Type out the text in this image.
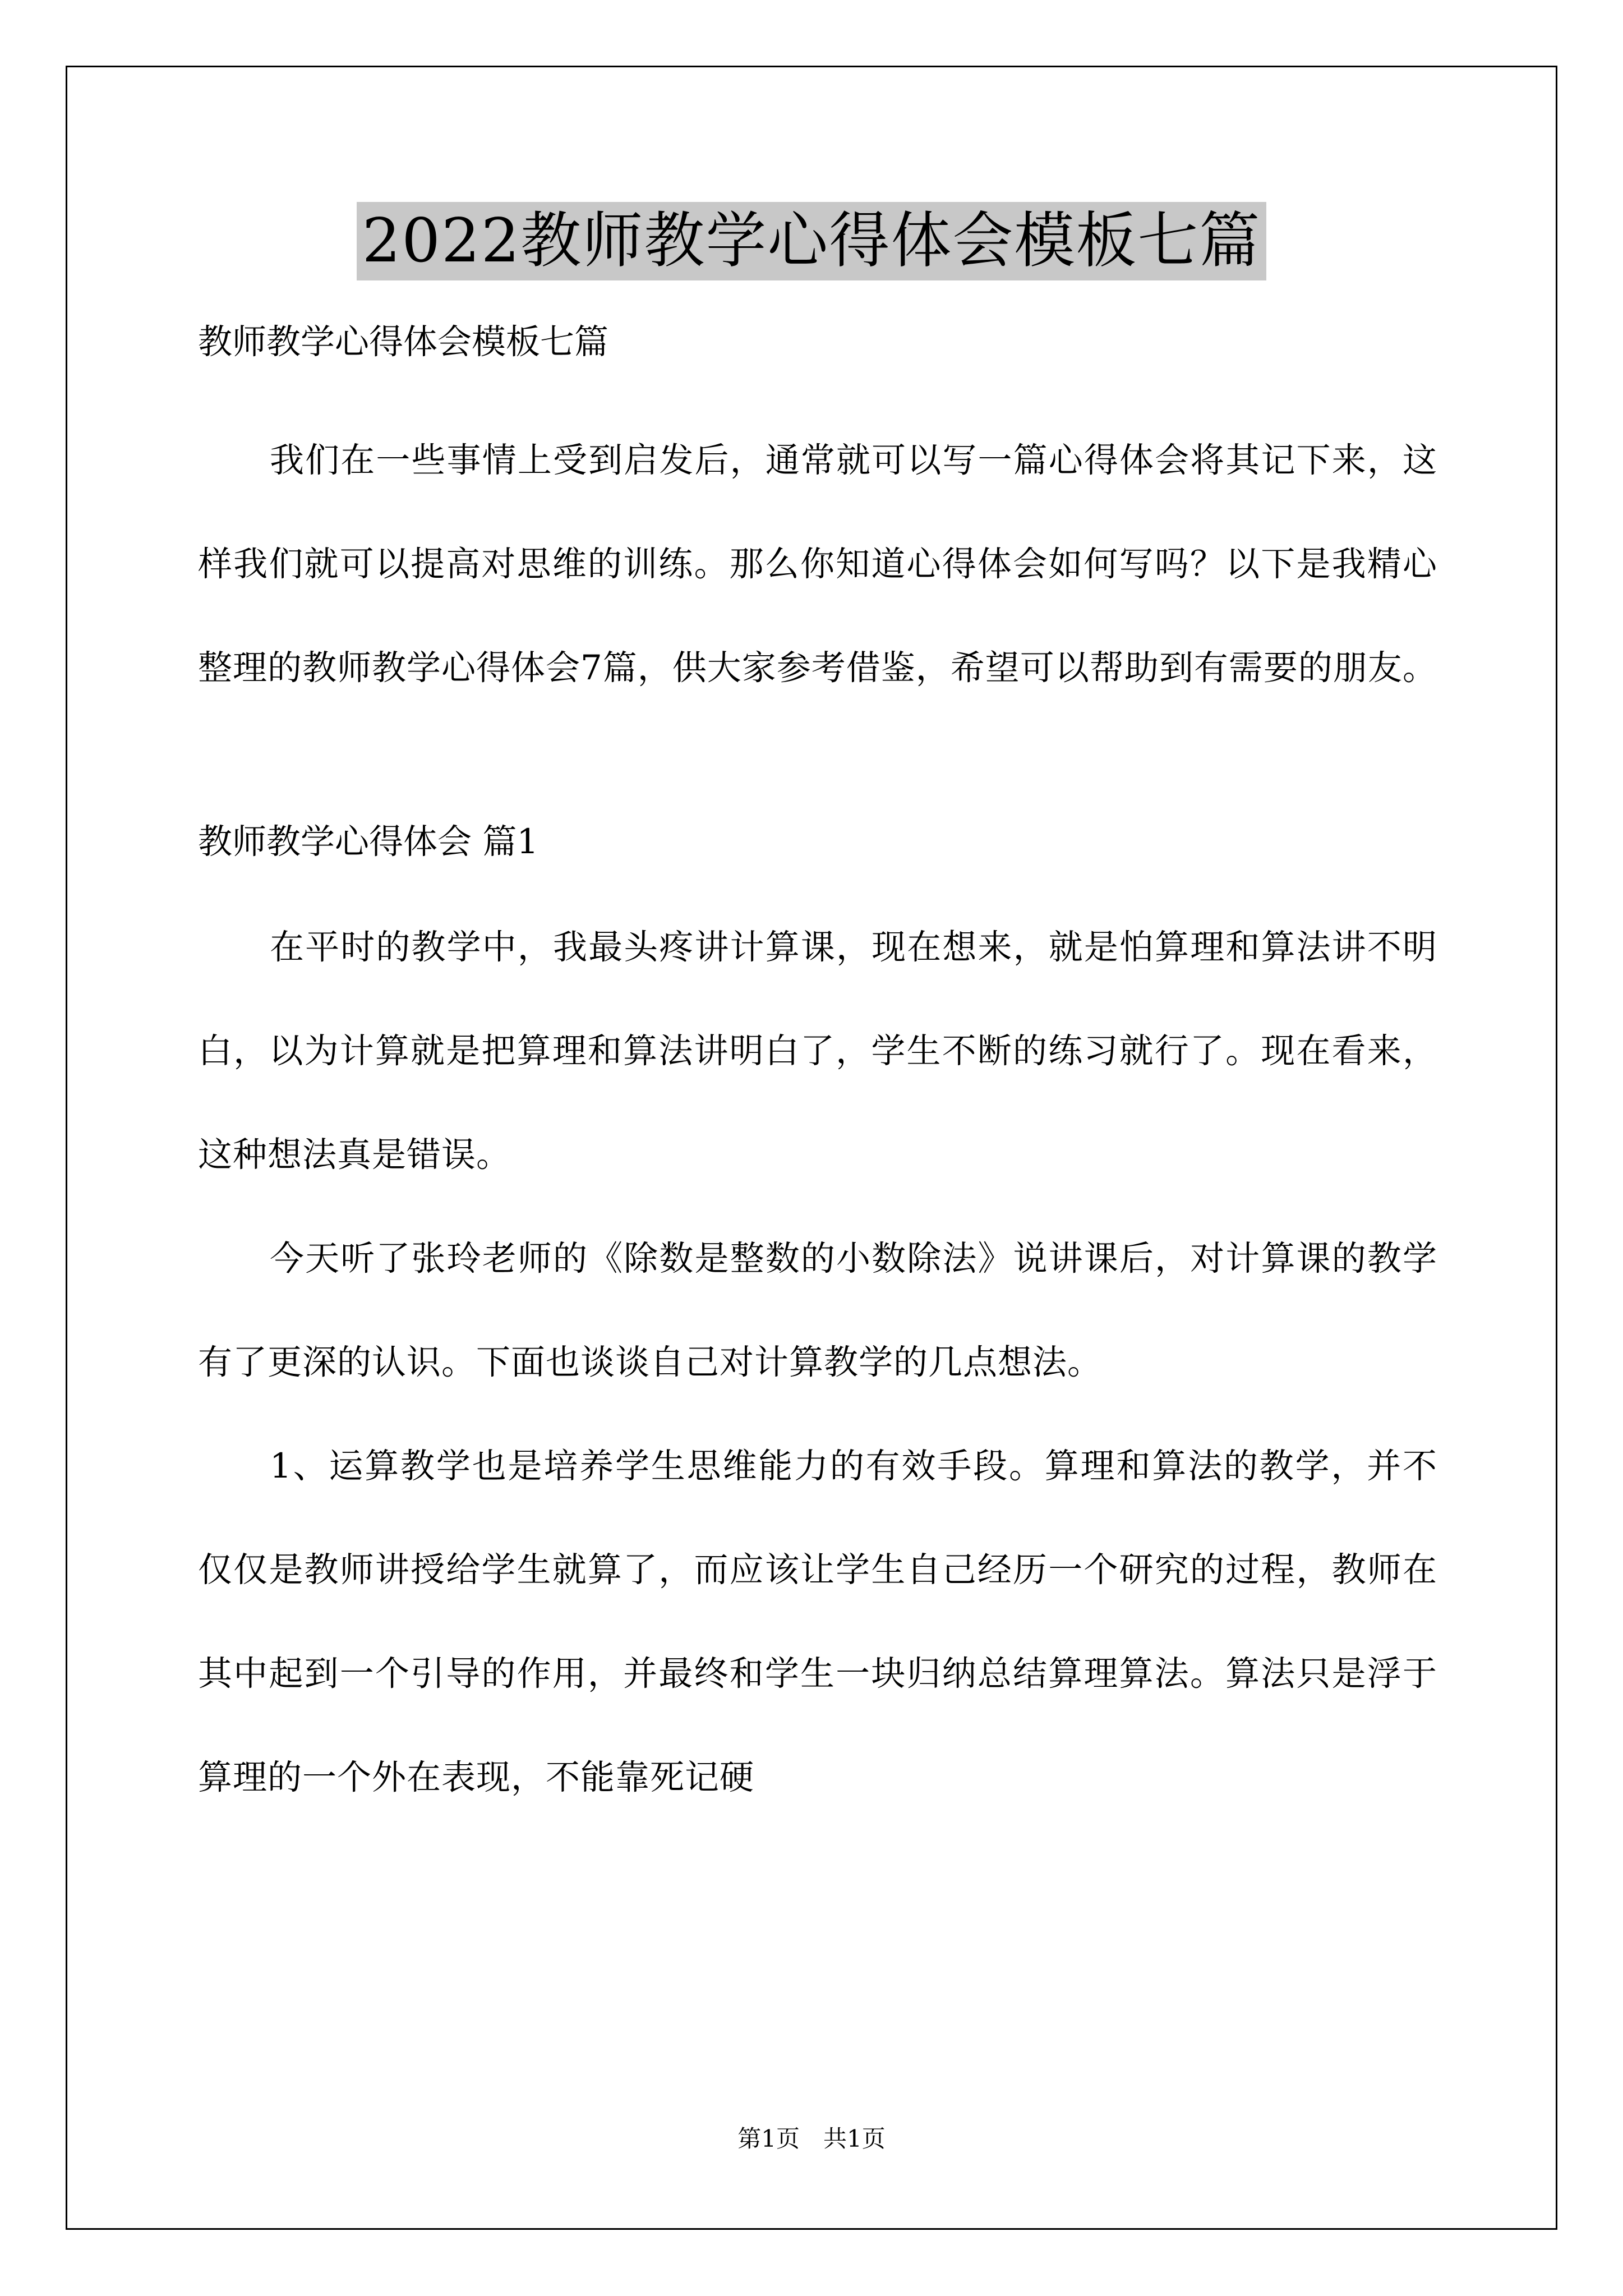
2022教师教学心得体会模板七篇
教师教学心得体会模板七篇

我们在一些事情上受到启发后，通常就可以写一篇心得体会将其记下来，这样我们就可以提高对思维的训练。那么你知道心得体会如何写吗？以下是我精心整理的教师教学心得体会7篇，供大家参考借鉴，希望可以帮助到有需要的朋友。

教师教学心得体会 篇1

在平时的教学中，我最头疼讲计算课，现在想来，就是怕算理和算法讲不明白，以为计算就是把算理和算法讲明白了，学生不断的练习就行了。现在看来，这种想法真是错误。

今天听了张玲老师的《除数是整数的小数除法》说讲课后，对计算课的教学有了更深的认识。下面也谈谈自己对计算教学的几点想法。

1、运算教学也是培养学生思维能力的有效手段。算理和算法的教学，并不仅仅是教师讲授给学生就算了，而应该让学生自己经历一个研究的过程，教师在其中起到一个引导的作用，并最终和学生一块归纳总结算理算法。算法只是浮于算理的一个外在表现，不能靠死记硬

第1页　共1页
